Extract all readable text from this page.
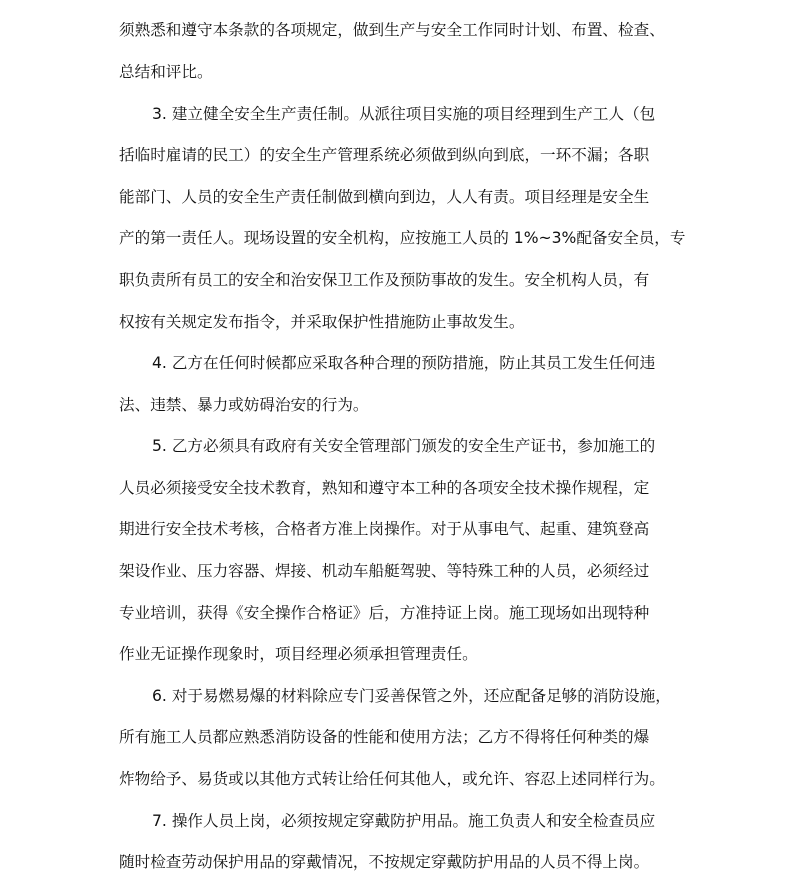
须熟悉和遵守本条款的各项规定，做到生产与安全工作同时计划、布置、检查、
总结和评比。
3. 建立健全安全生产责任制。从派往项目实施的项目经理到生产工人（包
括临时雇请的民工）的安全生产管理系统必须做到纵向到底，一环不漏；各职
能部门、人员的安全生产责任制做到横向到边，人人有责。项目经理是安全生
产的第一责任人。现场设置的安全机构，应按施工人员的 1%~3%配备安全员，专
职负责所有员工的安全和治安保卫工作及预防事故的发生。安全机构人员，有
权按有关规定发布指令，并采取保护性措施防止事故发生。
4. 乙方在任何时候都应采取各种合理的预防措施，防止其员工发生任何违
法、违禁、暴力或妨碍治安的行为。
5. 乙方必须具有政府有关安全管理部门颁发的安全生产证书，参加施工的
人员必须接受安全技术教育，熟知和遵守本工种的各项安全技术操作规程，定
期进行安全技术考核，合格者方准上岗操作。对于从事电气、起重、建筑登高
架设作业、压力容器、焊接、机动车船艇驾驶、等特殊工种的人员，必须经过
专业培训，获得《安全操作合格证》后，方准持证上岗。施工现场如出现特种
作业无证操作现象时，项目经理必须承担管理责任。
6. 对于易燃易爆的材料除应专门妥善保管之外，还应配备足够的消防设施，
所有施工人员都应熟悉消防设备的性能和使用方法；乙方不得将任何种类的爆
炸物给予、易货或以其他方式转让给任何其他人，或允许、容忍上述同样行为。
7. 操作人员上岗，必须按规定穿戴防护用品。施工负责人和安全检查员应
随时检查劳动保护用品的穿戴情况，不按规定穿戴防护用品的人员不得上岗。
